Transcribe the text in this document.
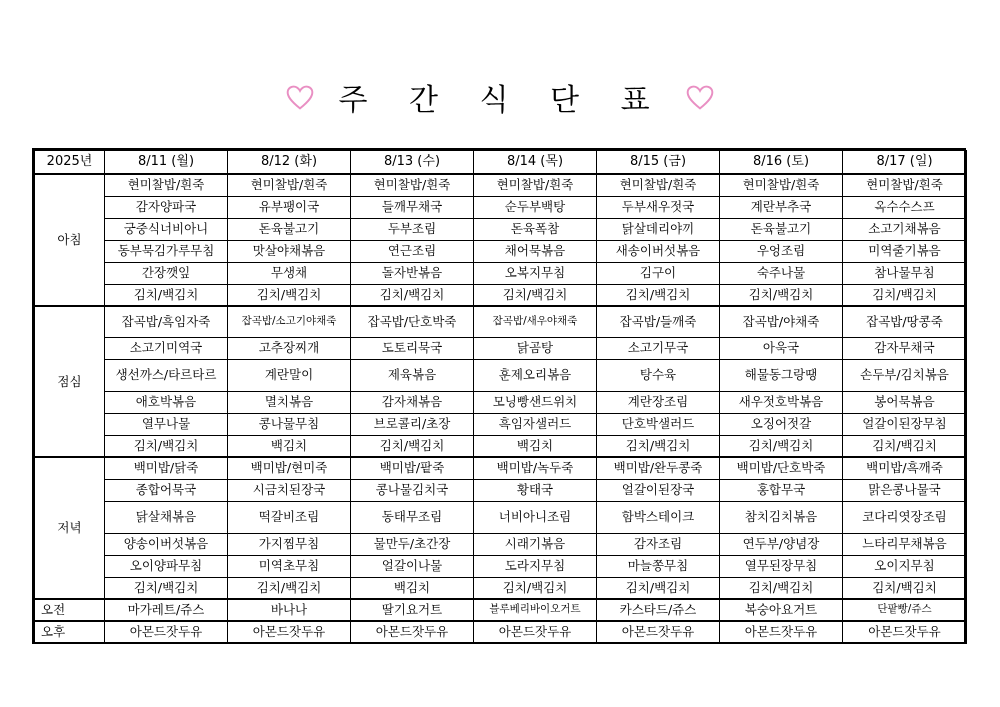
주 간 식 단 표
2025년	8/11 (월)	8/12 (화)	8/13 (수)	8/14 (목)	8/15 (금)	8/16 (토)	8/17 (일)
아침	현미찰밥/흰죽	현미찰밥/흰죽	현미찰밥/흰죽	현미찰밥/흰죽	현미찰밥/흰죽	현미찰밥/흰죽	현미찰밥/흰죽
	감자양파국	유부팽이국	들깨무채국	순두부백탕	두부새우젓국	계란부추국	옥수수스프
	궁중식너비아니	돈육불고기	두부조림	돈육폭참	닭살데리야끼	돈육불고기	소고기채볶음
	동부묵김가루무침	맛살야채볶음	연근조림	채어묵볶음	새송이버섯볶음	우엉조림	미역줄기볶음
	간장깻잎	무생채	돌자반볶음	오복지무침	김구이	숙주나물	참나물무침
	김치/백김치	김치/백김치	김치/백김치	김치/백김치	김치/백김치	김치/백김치	김치/백김치
점심	잡곡밥/흑임자죽	잡곡밥/소고기야채죽	잡곡밥/단호박죽	잡곡밥/새우야채죽	잡곡밥/들깨죽	잡곡밥/야채죽	잡곡밥/땅콩죽
	소고기미역국	고추장찌개	도토리묵국	닭곰탕	소고기무국	아욱국	감자무채국
	생선까스/타르타르	계란말이	제육볶음	훈제오리볶음	탕수육	해물동그랑땡	손두부/김치볶음
	애호박볶음	멸치볶음	감자채볶음	모닝빵샌드위치	계란장조림	새우젓호박볶음	봉어묵볶음
	열무나물	콩나물무침	브로콜리/초장	흑임자샐러드	단호박샐러드	오징어젓갈	얼갈이된장무침
	김치/백김치	백김치	김치/백김치	백김치	김치/백김치	김치/백김치	김치/백김치
저녁	백미밥/닭죽	백미밥/현미죽	백미밥/팥죽	백미밥/녹두죽	백미밥/완두콩죽	백미밥/단호박죽	백미밥/흑깨죽
	종합어묵국	시금치된장국	콩나물김치국	황태국	얼갈이된장국	홍합무국	맑은콩나물국
	닭살채볶음	떡갈비조림	동태무조림	너비아니조림	함박스테이크	참치김치볶음	코다리엿장조림
	양송이버섯볶음	가지찜무침	물만두/초간장	시래기볶음	감자조림	연두부/양념장	느타리무채볶음
	오이양파무침	미역초무침	얼갈이나물	도라지무침	마늘쫑무침	열무된장무침	오이지무침
	김치/백김치	김치/백김치	백김치	김치/백김치	김치/백김치	김치/백김치	김치/백김치
오전	마가레트/쥬스	바나나	딸기요거트	블루베리바이오거트	카스타드/쥬스	복숭아요거트	단팥빵/쥬스
오후	아몬드잣두유	아몬드잣두유	아몬드잣두유	아몬드잣두유	아몬드잣두유	아몬드잣두유	아몬드잣두유
